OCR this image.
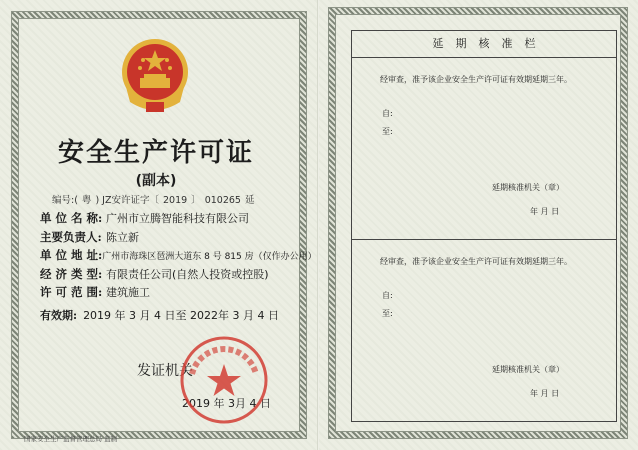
安全生产许可证
(副本)
编号:( 粤 ) JZ安许证字〔 2019 〕 010265 延
单 位 名 称: 广州市立腾智能科技有限公司
主要负责人: 陈立新
单 位 地 址: 广州市海珠区琶洲大道东 8 号 815 房（仅作办公用）
经 济 类 型: 有限责任公司(自然人投资或控股)
许 可 范 围: 建筑施工
有效期: 2019 年 3 月 4 日至 2022年 3 月 4 日
发证机关
2019 年 3月 4 日
国家安全生产监督管理总局 监制
延期核准栏
经审查，准予该企业安全生产许可证有效期延期三年。
自:
至:
延期核准机关（章）
年 月 日
经审查，准予该企业安全生产许可证有效期延期三年。
自:
至:
延期核准机关（章）
年 月 日
